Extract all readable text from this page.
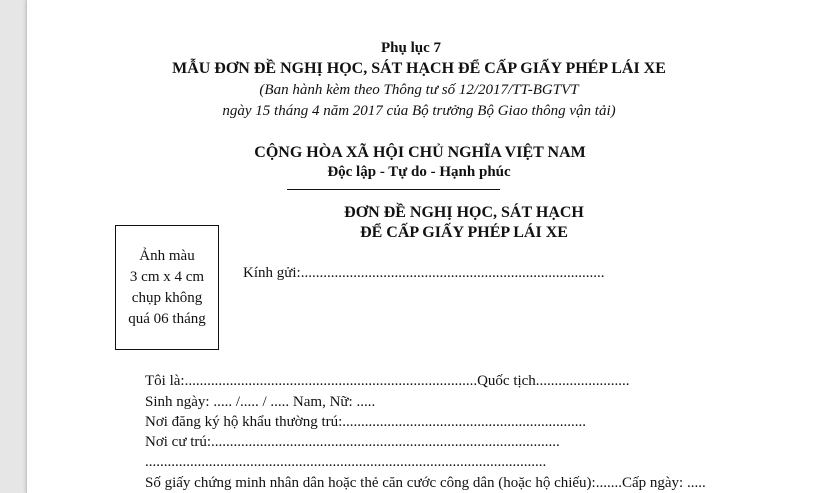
Phụ lục 7
MẪU ĐƠN ĐỀ NGHỊ HỌC, SÁT HẠCH ĐỂ CẤP GIẤY PHÉP LÁI XE
(Ban hành kèm theo Thông tư số 12/2017/TT-BGTVT
ngày 15 tháng 4 năm 2017 của Bộ trưởng Bộ Giao thông vận tải)
CỘNG HÒA XÃ HỘI CHỦ NGHĨA VIỆT NAM
Độc lập - Tự do - Hạnh phúc
ĐƠN ĐỀ NGHỊ HỌC, SÁT HẠCH
ĐỂ CẤP GIẤY PHÉP LÁI XE
Ảnh màu
3 cm x 4 cm
chụp không
quá 06 tháng
Kính gửi:.................................................................................
Tôi là:..............................................................................Quốc tịch.........................
Sinh ngày: ..... /..... / ..... Nam, Nữ: .....
Nơi đăng ký hộ khẩu thường trú:.................................................................
Nơi cư trú:.............................................................................................
...........................................................................................................
Số giấy chứng minh nhân dân hoặc thẻ căn cước công dân (hoặc hộ chiếu):.......Cấp ngày: .....
